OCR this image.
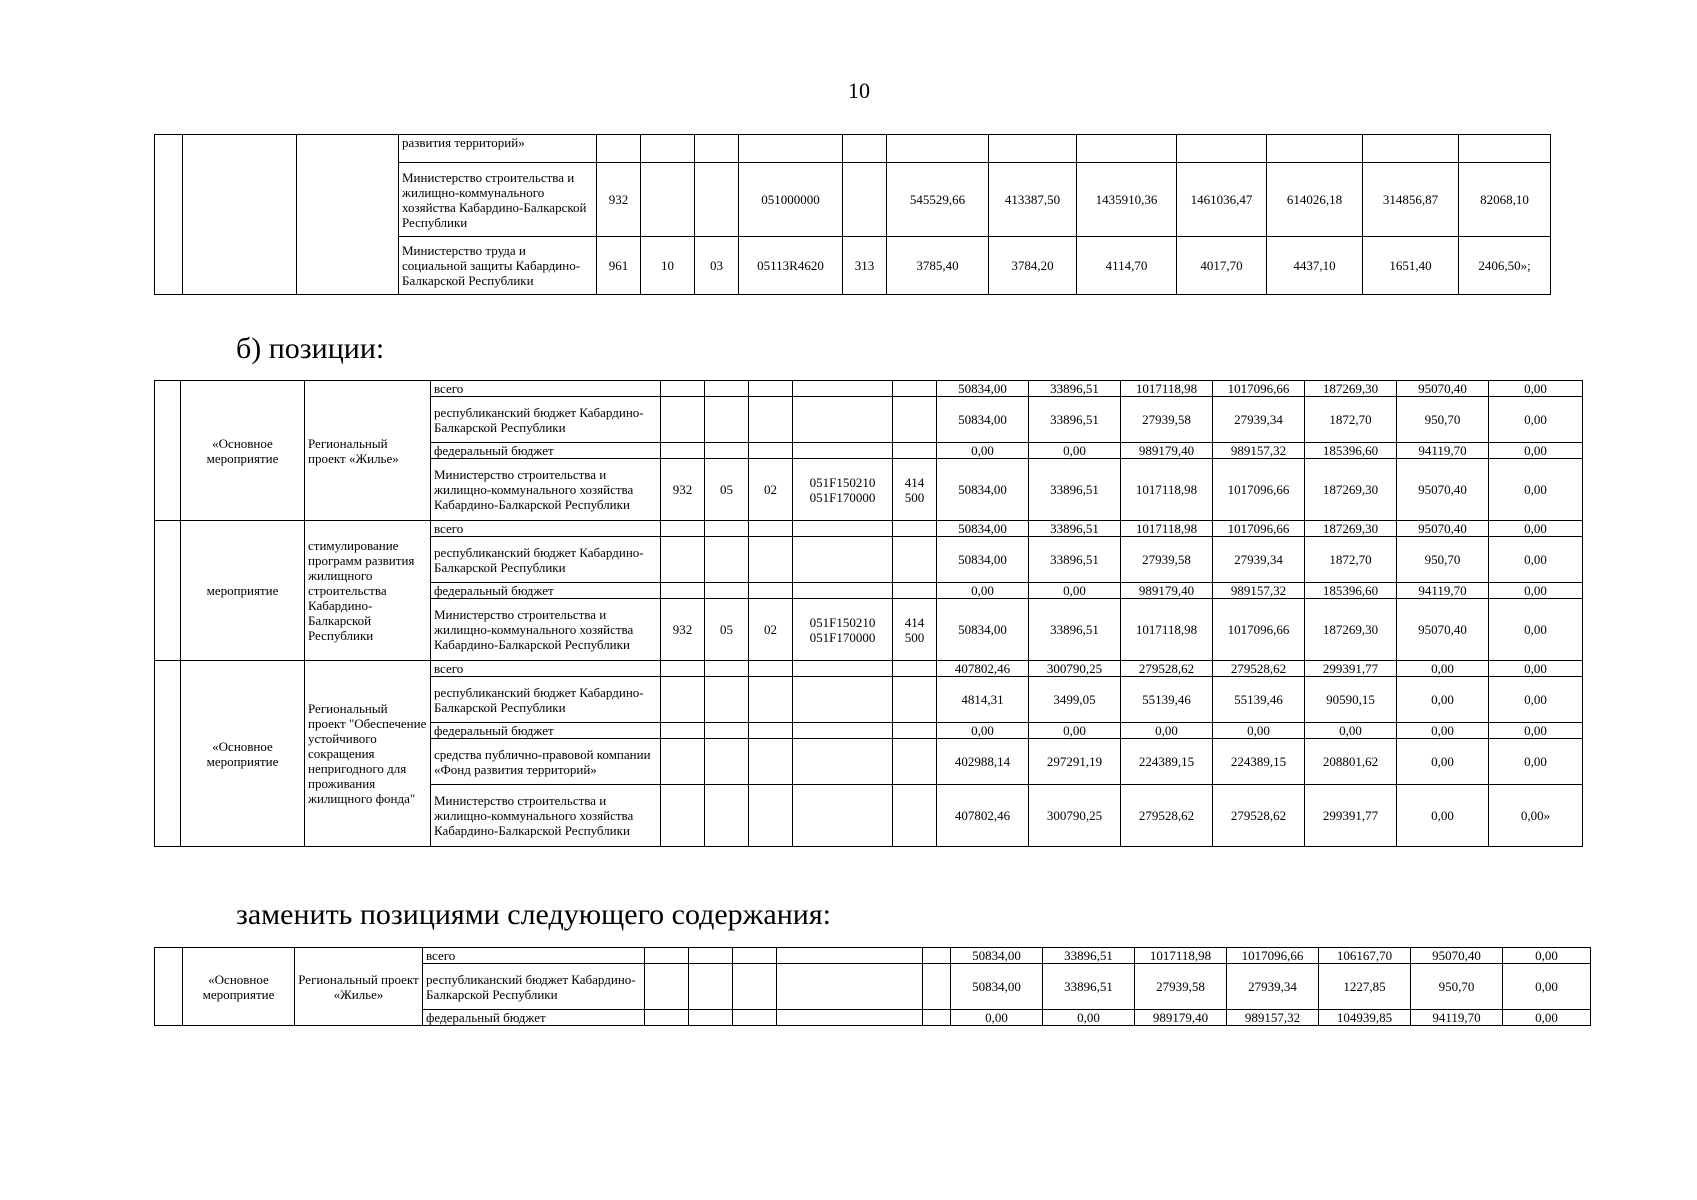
10
			развития территорий»												
			Министерство строительства и жилищно-коммунального хозяйства Кабардино-Балкарской Республики	932			051000000		545529,66	413387,50	1435910,36	1461036,47	614026,18	314856,87	82068,10
			Министерство труда и социальной защиты Кабардино-Балкарской Республики	961	10	03	05113R4620	313	3785,40	3784,20	4114,70	4017,70	4437,10	1651,40	2406,50»;
б) позиции:
	«Основное мероприятие	Региональный проект «Жилье»	всего						50834,00	33896,51	1017118,98	1017096,66	187269,30	95070,40	0,00
			республиканский бюджет Кабардино-Балкарской Республики						50834,00	33896,51	27939,58	27939,34	1872,70	950,70	0,00
			федеральный бюджет						0,00	0,00	989179,40	989157,32	185396,60	94119,70	0,00
			Министерство строительства и жилищно-коммунального хозяйства Кабардино-Балкарской Республики	932	05	02	051F150210 051F170000	414 500	50834,00	33896,51	1017118,98	1017096,66	187269,30	95070,40	0,00
	мероприятие	стимулирование программ развития жилищного строительства Кабардино-Балкарской Республики	всего						50834,00	33896,51	1017118,98	1017096,66	187269,30	95070,40	0,00
			республиканский бюджет Кабардино-Балкарской Республики						50834,00	33896,51	27939,58	27939,34	1872,70	950,70	0,00
			федеральный бюджет						0,00	0,00	989179,40	989157,32	185396,60	94119,70	0,00
			Министерство строительства и жилищно-коммунального хозяйства Кабардино-Балкарской Республики	932	05	02	051F150210 051F170000	414 500	50834,00	33896,51	1017118,98	1017096,66	187269,30	95070,40	0,00
	«Основное мероприятие	Региональный проект "Обеспечение устойчивого сокращения непригодного для проживания жилищного фонда"	всего						407802,46	300790,25	279528,62	279528,62	299391,77	0,00	0,00
			республиканский бюджет Кабардино-Балкарской Республики						4814,31	3499,05	55139,46	55139,46	90590,15	0,00	0,00
			федеральный бюджет						0,00	0,00	0,00	0,00	0,00	0,00	0,00
			средства публично-правовой компании «Фонд развития территорий»						402988,14	297291,19	224389,15	224389,15	208801,62	0,00	0,00
			Министерство строительства и жилищно-коммунального хозяйства Кабардино-Балкарской Республики						407802,46	300790,25	279528,62	279528,62	299391,77	0,00	0,00»
заменить позициями следующего содержания:
	«Основное мероприятие	Региональный проект «Жилье»	всего						50834,00	33896,51	1017118,98	1017096,66	106167,70	95070,40	0,00
			республиканский бюджет Кабардино-Балкарской Республики						50834,00	33896,51	27939,58	27939,34	1227,85	950,70	0,00
			федеральный бюджет						0,00	0,00	989179,40	989157,32	104939,85	94119,70	0,00
